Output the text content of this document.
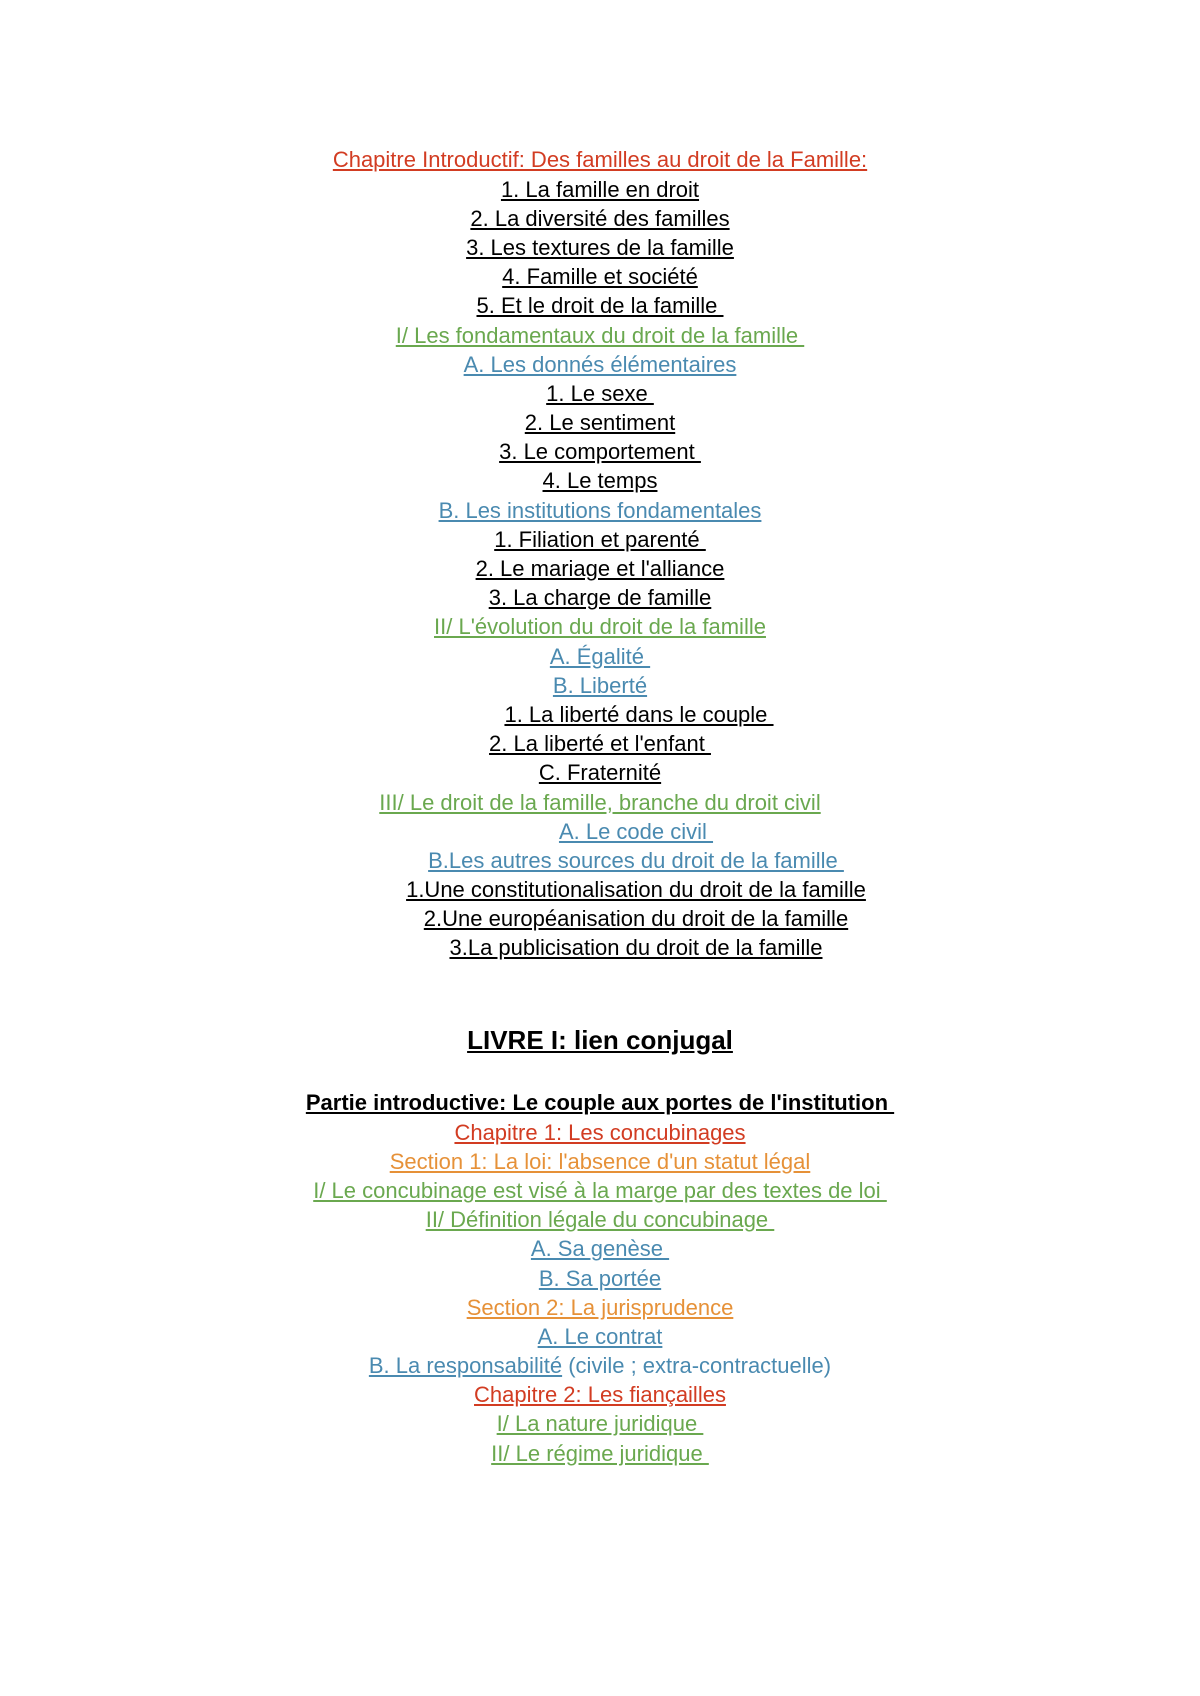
Chapitre Introductif: Des familles au droit de la Famille:
1. La famille en droit
2. La diversité des familles
3. Les textures de la famille
4. Famille et société
5. Et le droit de la famille
I/ Les fondamentaux du droit de la famille
A. Les donnés élémentaires
1. Le sexe
2. Le sentiment
3. Le comportement
4. Le temps
B. Les institutions fondamentales
1. Filiation et parenté
2. Le mariage et l'alliance
3. La charge de famille
II/ L'évolution du droit de la famille
A. Égalité
B. Liberté
1. La liberté dans le couple
2. La liberté et l'enfant
C. Fraternité
III/ Le droit de la famille, branche du droit civil
A. Le code civil
B.Les autres sources du droit de la famille
1.Une constitutionalisation du droit de la famille
2.Une européanisation du droit de la famille
3.La publicisation du droit de la famille
LIVRE I: lien conjugal
Partie introductive: Le couple aux portes de l'institution
Chapitre 1: Les concubinages
Section 1: La loi: l'absence d'un statut légal
I/ Le concubinage est visé à la marge par des textes de loi
II/ Définition légale du concubinage
A. Sa genèse
B. Sa portée
Section 2: La jurisprudence
A. Le contrat
B. La responsabilité (civile ; extra-contractuelle)
Chapitre 2: Les fiançailles
I/ La nature juridique
II/ Le régime juridique
